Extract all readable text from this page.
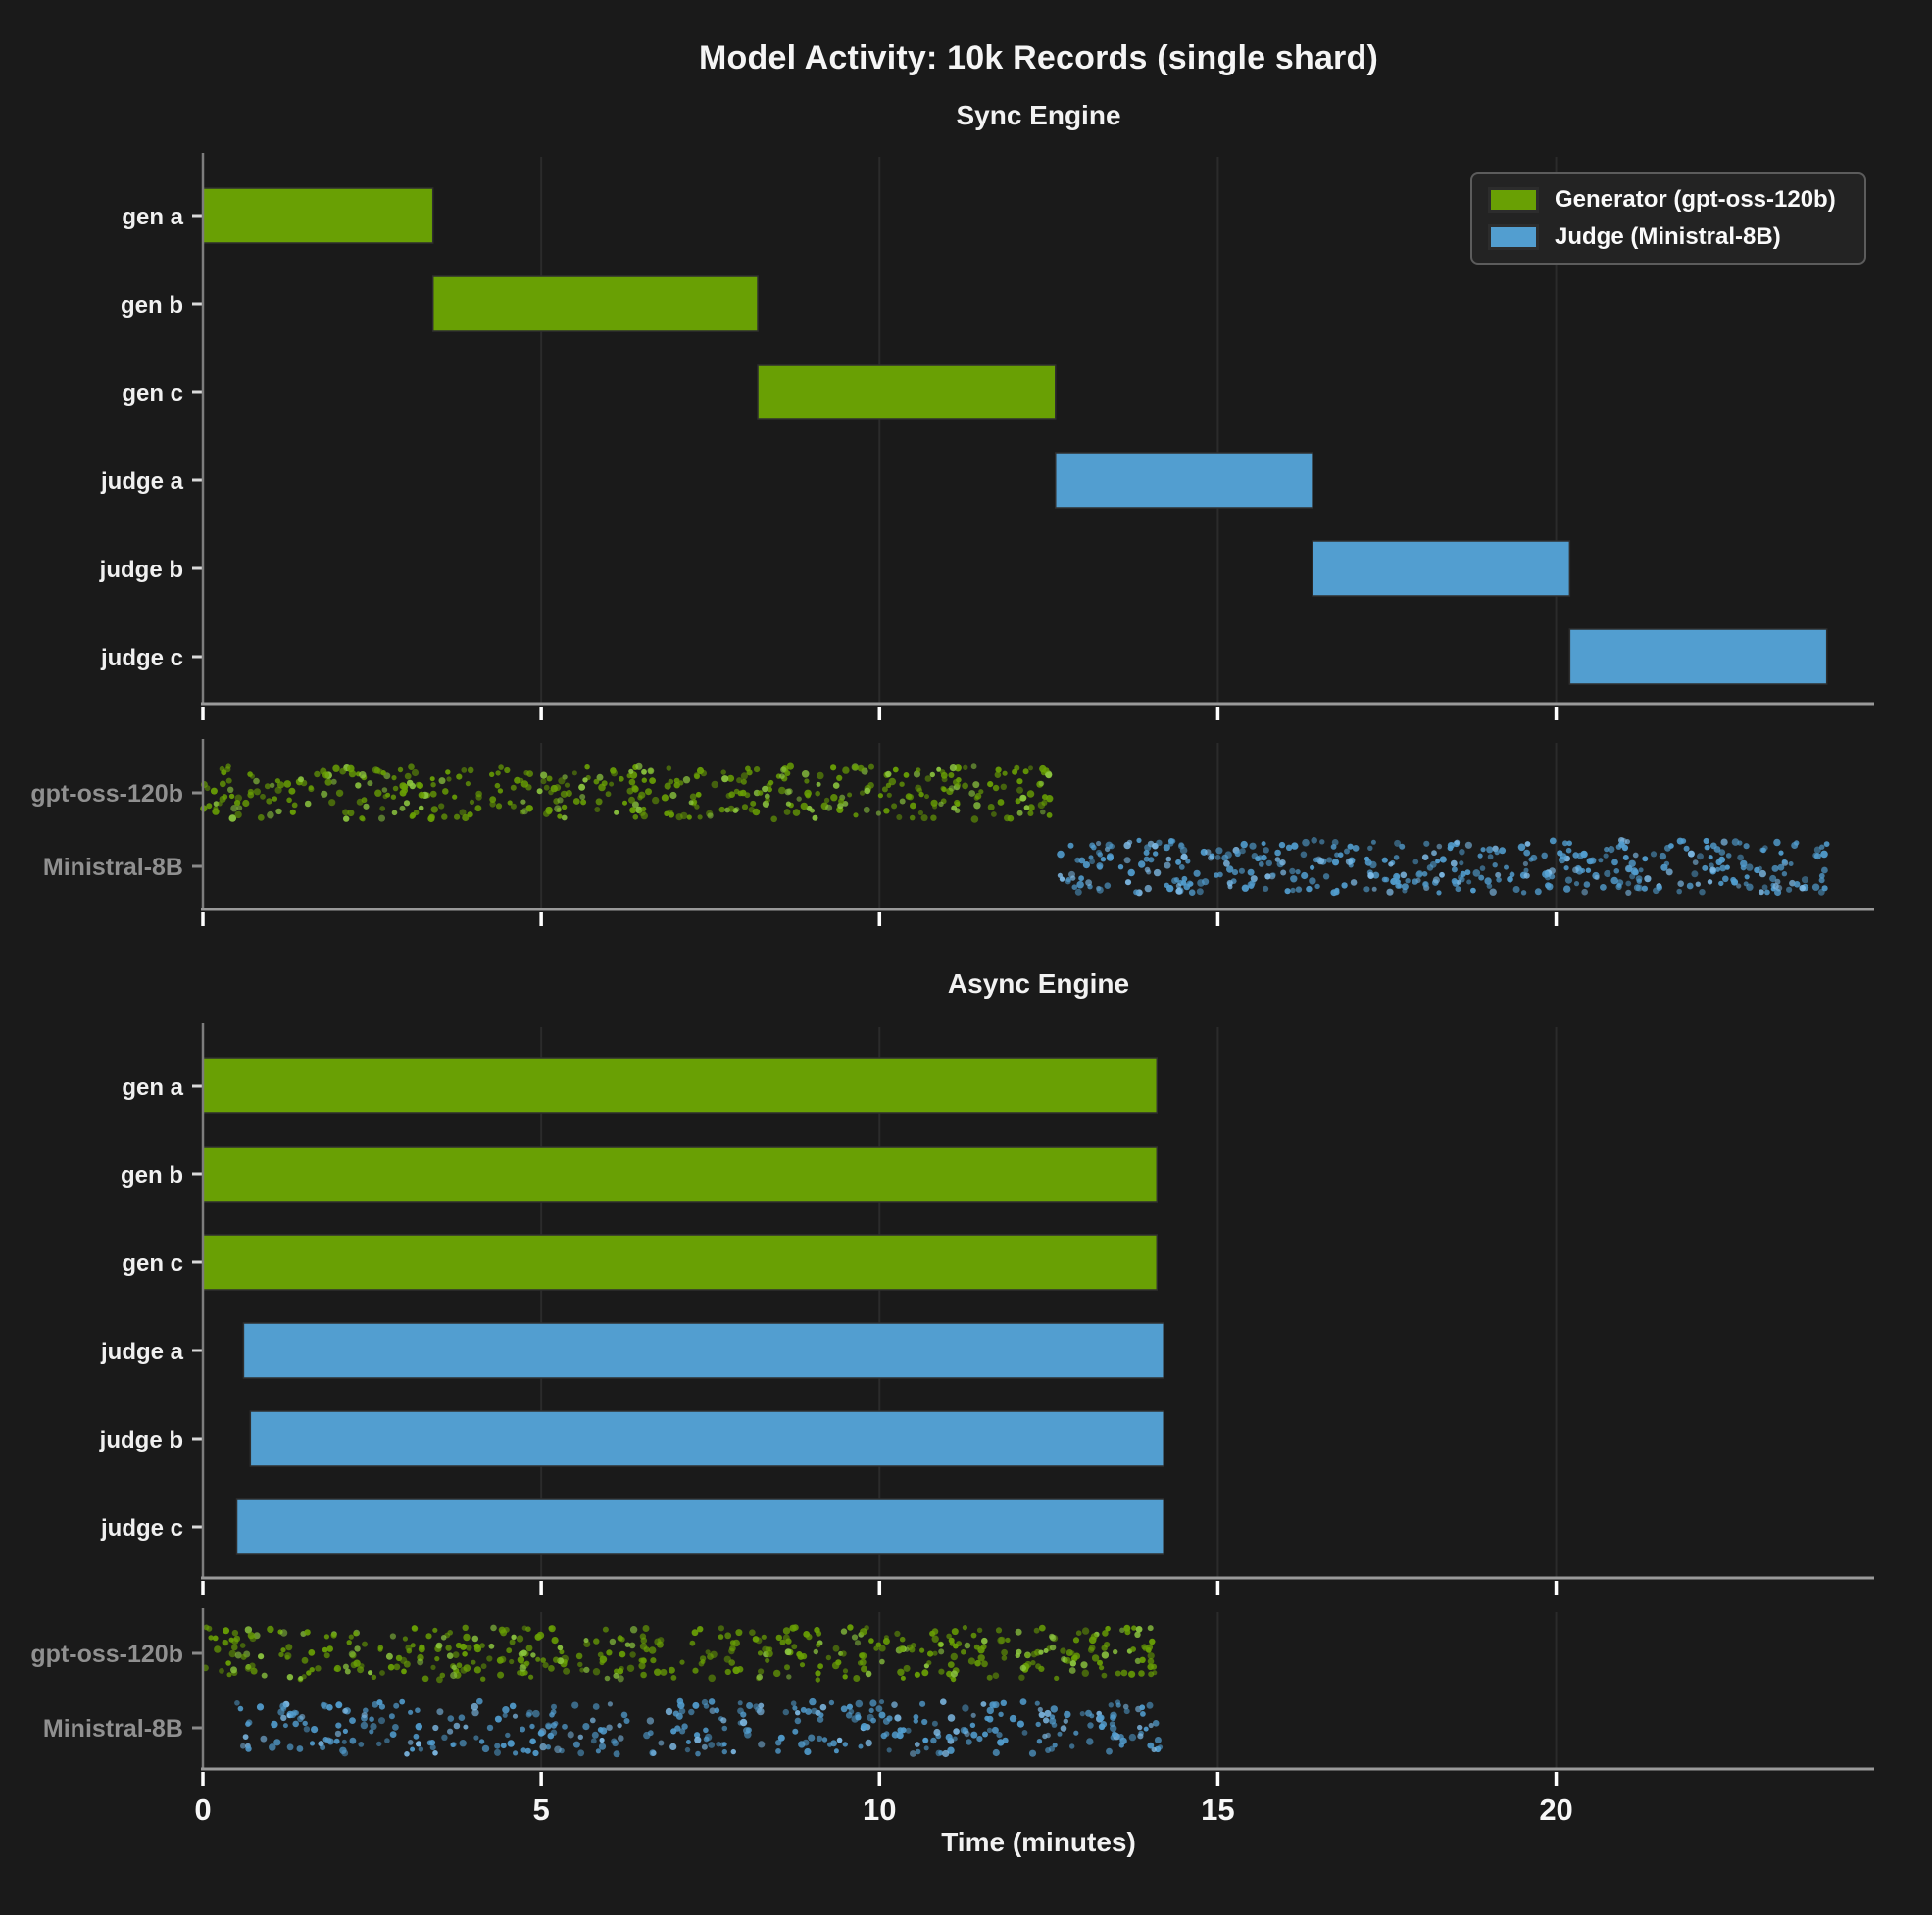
Model Activity: 10k Records (single shard)
Sync Engine
Async Engine
gen a
gen b
gen c
judge a
judge b
judge c
gpt-oss-120b
Ministral-8B
gen a
gen b
gen c
judge a
judge b
judge c
gpt-oss-120b
Ministral-8B
0	5	10	15	20
Generator (gpt-oss-120b)
Judge (Ministral-8B)
Time (minutes)
